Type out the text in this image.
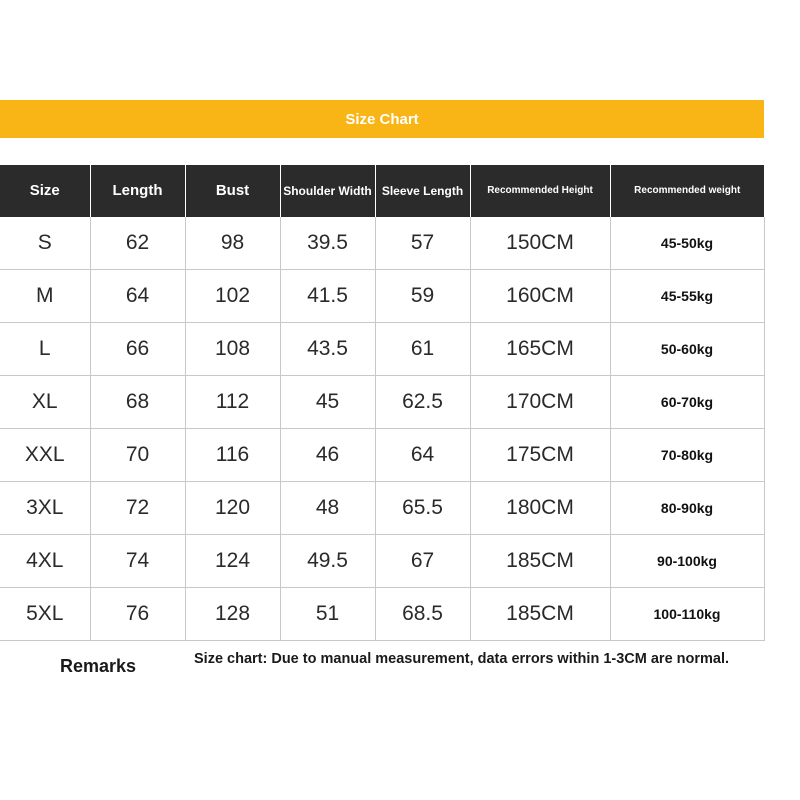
Size Chart
Size	Length	Bust	Shoulder Width	Sleeve Length	Recommended Height	Recommended weight
S	62	98	39.5	57	150CM	45-50kg
M	64	102	41.5	59	160CM	45-55kg
L	66	108	43.5	61	165CM	50-60kg
XL	68	112	45	62.5	170CM	60-70kg
XXL	70	116	46	64	175CM	70-80kg
3XL	72	120	48	65.5	180CM	80-90kg
4XL	74	124	49.5	67	185CM	90-100kg
5XL	76	128	51	68.5	185CM	100-110kg
Remarks	Size chart: Due to manual measurement, data errors within 1-3CM are normal.
